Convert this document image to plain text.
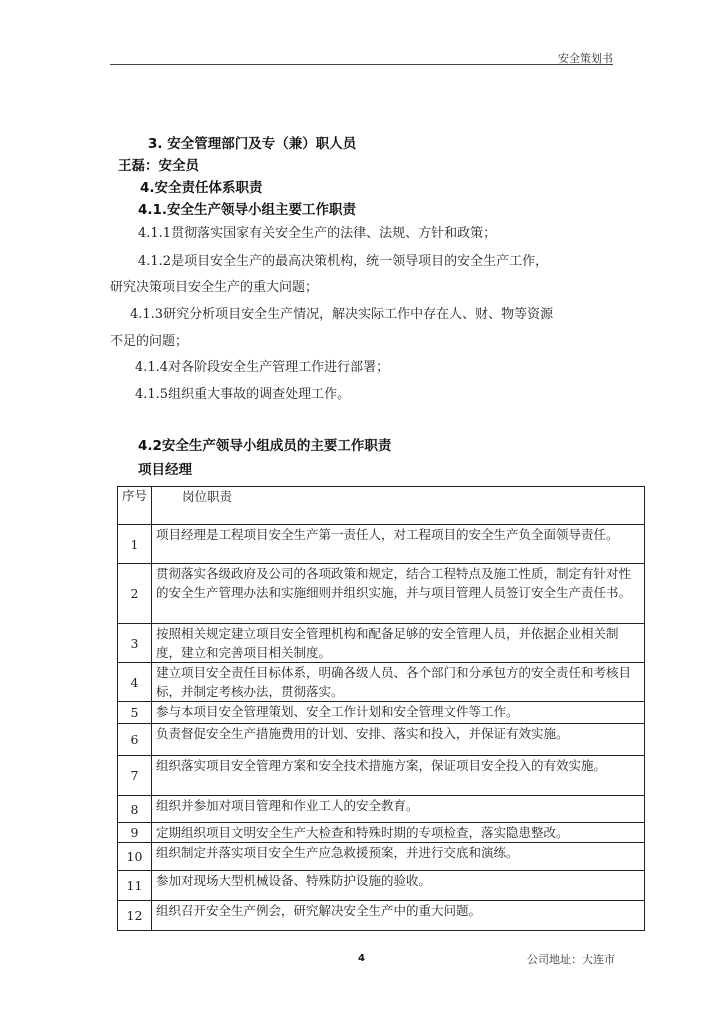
安全策划书
3. 安全管理部门及专（兼）职人员
王磊：安全员
4.安全责任体系职责
4.1.安全生产领导小组主要工作职责
4.1.1贯彻落实国家有关安全生产的法律、法规、方针和政策；
4.1.2是项目安全生产的最高决策机构，统一领导项目的安全生产工作，
研究决策项目安全生产的重大问题；
4.1.3研究分析项目安全生产情况，解决实际工作中存在人、财、物等资源
不足的问题；
4.1.4对各阶段安全生产管理工作进行部署；
4.1.5组织重大事故的调查处理工作。
4.2安全生产领导小组成员的主要工作职责
项目经理
序号	岗位职责
1	项目经理是工程项目安全生产第一责任人，对工程项目的安全生产负全面领导责任。
2	贯彻落实各级政府及公司的各项政策和规定，结合工程特点及施工性质，制定有针对性的安全生产管理办法和实施细则并组织实施，并与项目管理人员签订安全生产责任书。
3	按照相关规定建立项目安全管理机构和配备足够的安全管理人员，并依据企业相关制度，建立和完善项目相关制度。
4	建立项目安全责任目标体系，明确各级人员、各个部门和分承包方的安全责任和考核目标，并制定考核办法，贯彻落实。
5	参与本项目安全管理策划、安全工作计划和安全管理文件等工作。
6	负责督促安全生产措施费用的计划、安排、落实和投入，并保证有效实施。
7	组织落实项目安全管理方案和安全技术措施方案，保证项目安全投入的有效实施。
8	组织并参加对项目管理和作业工人的安全教育。
9	定期组织项目文明安全生产大检查和特殊时期的专项检查，落实隐患整改。
10	组织制定并落实项目安全生产应急救援预案，并进行交底和演练。
11	参加对现场大型机械设备、特殊防护设施的验收。
12	组织召开安全生产例会，研究解决安全生产中的重大问题。
4	公司地址：大连市
